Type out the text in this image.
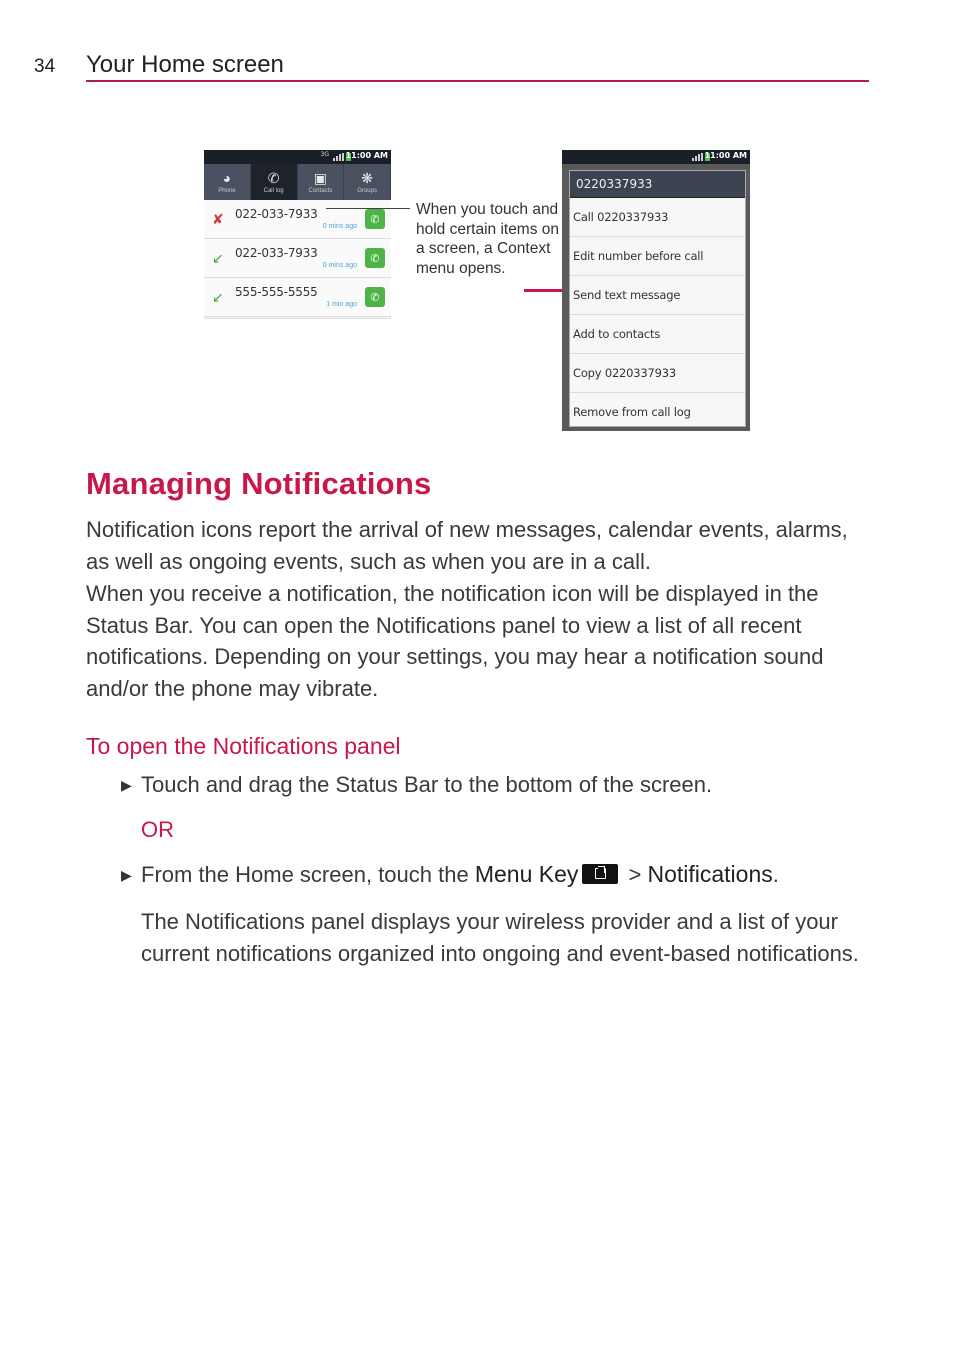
34 Your Home screen
3G 11:00 AM
◕
Phone
✆
Call log
▣
Contacts
❋
Groups
✘ 022-033-7933
0 mins ago
✆
↙ 022-033-7933
0 mins ago
✆
↙ 555-555-5555
1 min ago
✆
When you touch and hold certain items on a screen, a Context menu opens.
11:00 AM
0220337933
Call 0220337933
Edit number before call
Send text message
Add to contacts
Copy 0220337933
Remove from call log
Managing Notifications

Notification icons report the arrival of new messages, calendar events, alarms, as well as ongoing events, such as when you are in a call.

When you receive a notification, the notification icon will be displayed in the Status Bar. You can open the Notifications panel to view a list of all recent notifications. Depending on your settings, you may hear a notification sound and/or the phone may vibrate.

To open the Notifications panel
▶ Touch and drag the Status Bar to the bottom of the screen.
OR
▶ From the Home screen, touch the Menu Key > Notifications.

The Notifications panel displays your wireless provider and a list of your current notifications organized into ongoing and event-based notifications.
